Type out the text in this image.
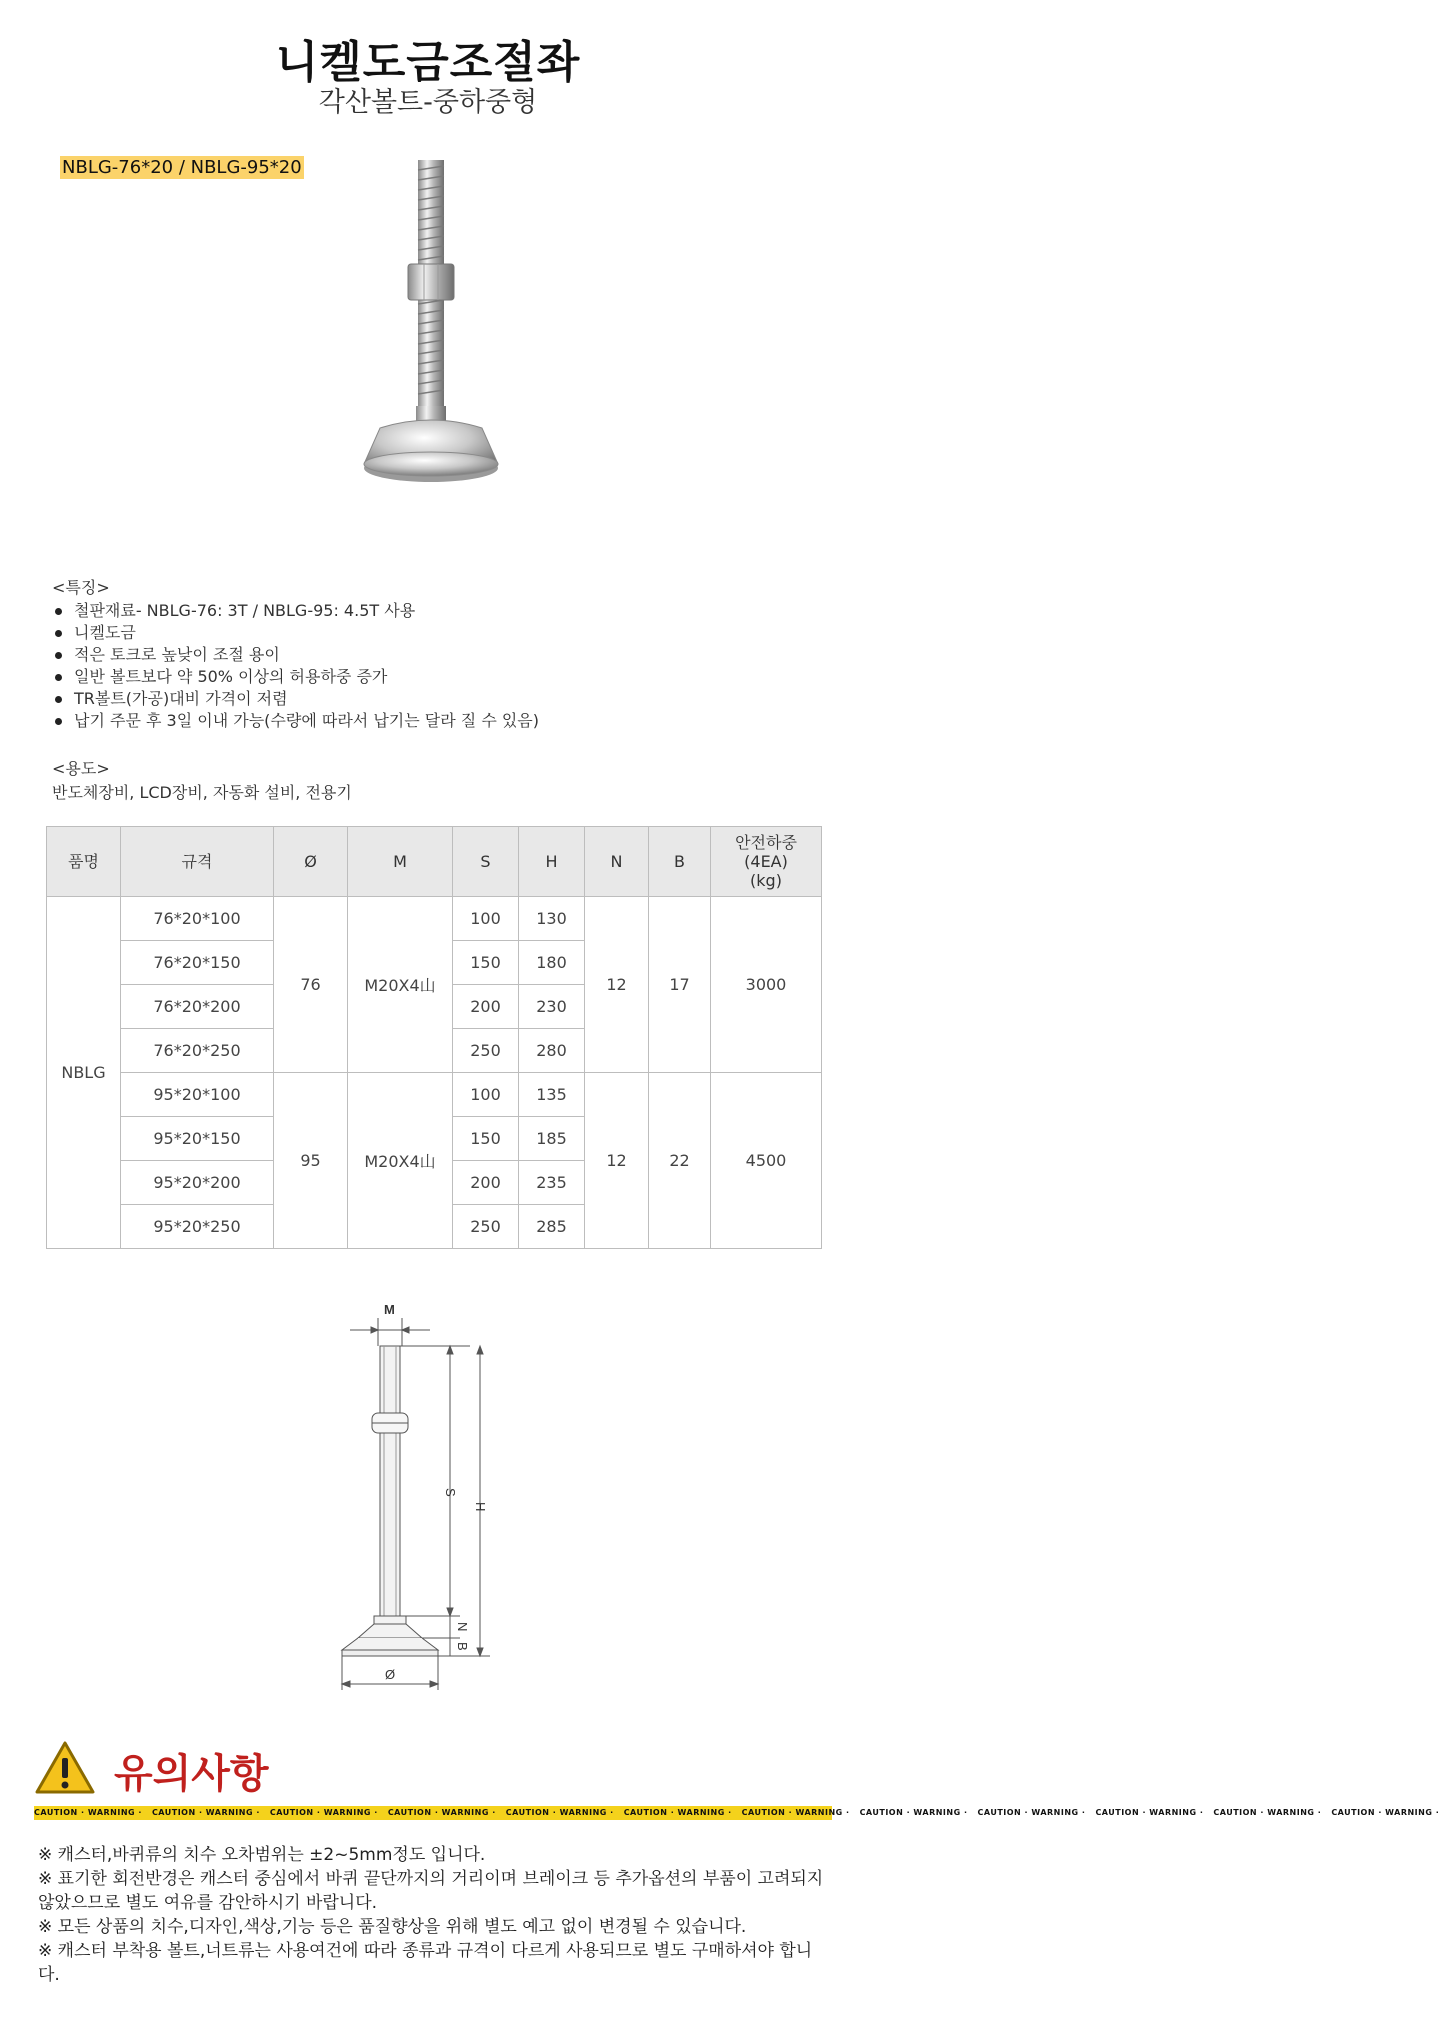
니켈도금조절좌
각산볼트-중하중형
NBLG-76*20 / NBLG-95*20
<특징>
철판재료- NBLG-76: 3T / NBLG-95: 4.5T 사용
니켈도금
적은 토크로 높낮이 조절 용이
일반 볼트보다 약 50% 이상의 허용하중 증가
TR볼트(가공)대비 가격이 저렴
납기 주문 후 3일 이내 가능(수량에 따라서 납기는 달라 질 수 있음)
<용도>
반도체장비, LCD장비, 자동화 설비, 전용기
품명	규격	Ø	M	S	H	N	B	안전하중
(4EA)
(kg)
NBLG	76*20*100	76	M20X4山	100	130	12	17	3000
	76*20*150			150	180			
	76*20*200			200	230			
	76*20*250			250	280			
	95*20*100	95	M20X4山	100	135	12	22	4500
	95*20*150			150	185			
	95*20*200			200	235			
	95*20*250			250	285			
M
S
H
N
B
Ø
유의사항
CAUTION · WARNING · CAUTION · WARNING · CAUTION · WARNING · CAUTION · WARNING · CAUTION · WARNING · CAUTION · WARNING · CAUTION · WARNING · CAUTION · WARNING · CAUTION · WARNING · CAUTION · WARNING · CAUTION · WARNING · CAUTION · WARNING ·

※ 캐스터,바퀴류의 치수 오차범위는 ±2~5mm정도 입니다.

※ 표기한 회전반경은 캐스터 중심에서 바퀴 끝단까지의 거리이며 브레이크 등 추가옵션의 부품이 고려되지 않았으므로 별도 여유를 감안하시기 바랍니다.

※ 모든 상품의 치수,디자인,색상,기능 등은 품질향상을 위해 별도 예고 없이 변경될 수 있습니다.

※ 캐스터 부착용 볼트,너트류는 사용여건에 따라 종류과 규격이 다르게 사용되므로 별도 구매하셔야 합니다.
